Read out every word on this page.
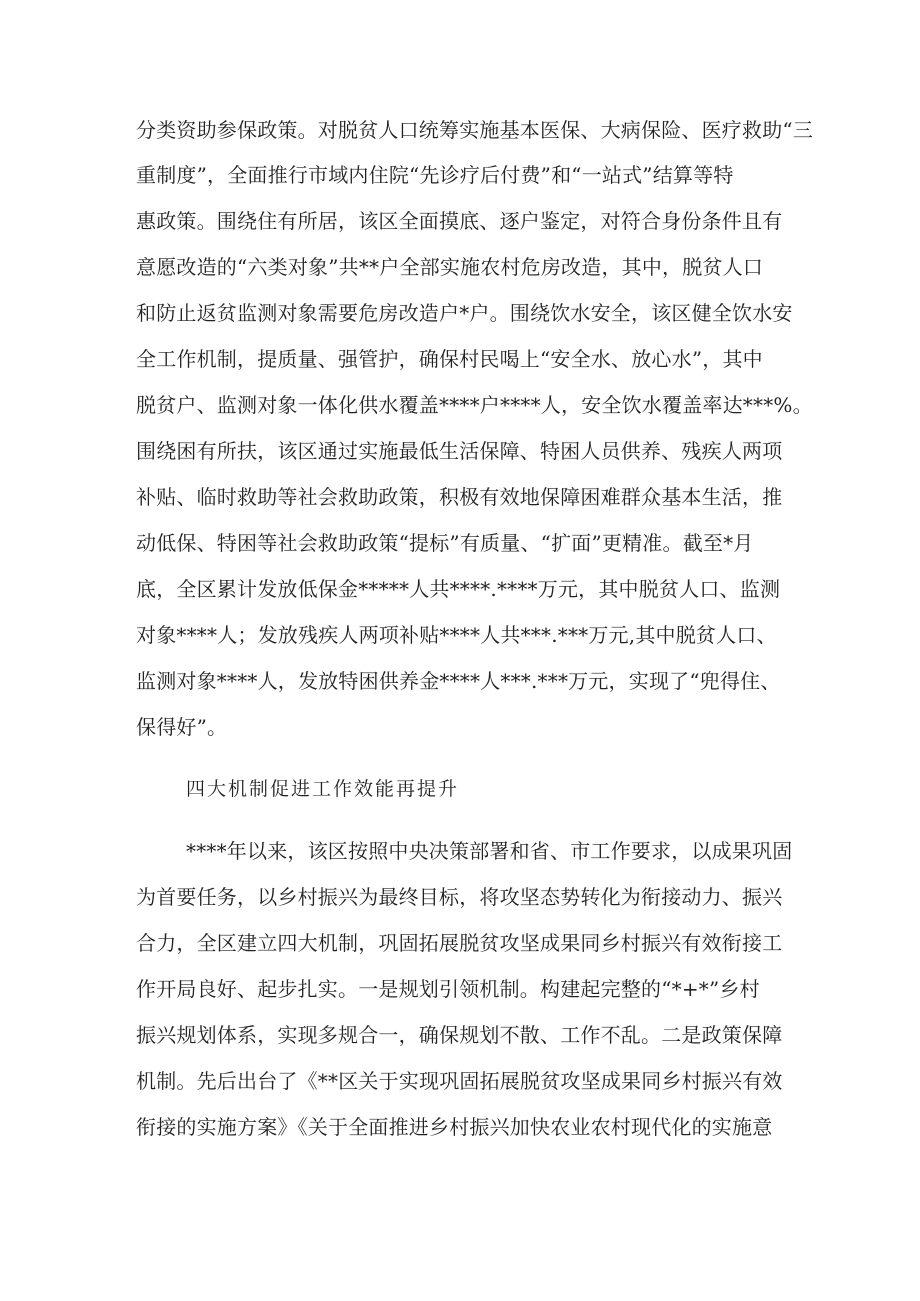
分类资助参保政策。对脱贫人口统筹实施基本医保、大病保险、医疗救助“三
重制度”，全面推行市域内住院“先诊疗后付费”和“一站式”结算等特
惠政策。围绕住有所居，该区全面摸底、逐户鉴定，对符合身份条件且有
意愿改造的“六类对象”共**户全部实施农村危房改造，其中，脱贫人口
和防止返贫监测对象需要危房改造户*户。围绕饮水安全，该区健全饮水安
全工作机制，提质量、强管护，确保村民喝上“安全水、放心水”，其中
脱贫户、监测对象一体化供水覆盖****户****人，安全饮水覆盖率达***%。
围绕困有所扶，该区通过实施最低生活保障、特困人员供养、残疾人两项
补贴、临时救助等社会救助政策，积极有效地保障困难群众基本生活，推
动低保、特困等社会救助政策“提标”有质量、“扩面”更精准。截至*月
底，全区累计发放低保金*****人共****.****万元，其中脱贫人口、监测
对象****人；发放残疾人两项补贴****人共***.***万元,其中脱贫人口、
监测对象****人，发放特困供养金****人***.***万元，实现了“兜得住、
保得好”。
四大机制促进工作效能再提升
****年以来，该区按照中央决策部署和省、市工作要求，以成果巩固
为首要任务，以乡村振兴为最终目标，将攻坚态势转化为衔接动力、振兴
合力，全区建立四大机制，巩固拓展脱贫攻坚成果同乡村振兴有效衔接工
作开局良好、起步扎实。一是规划引领机制。构建起完整的“*+*”乡村
振兴规划体系，实现多规合一，确保规划不散、工作不乱。二是政策保障
机制。先后出台了《**区关于实现巩固拓展脱贫攻坚成果同乡村振兴有效
衔接的实施方案》《关于全面推进乡村振兴加快农业农村现代化的实施意
